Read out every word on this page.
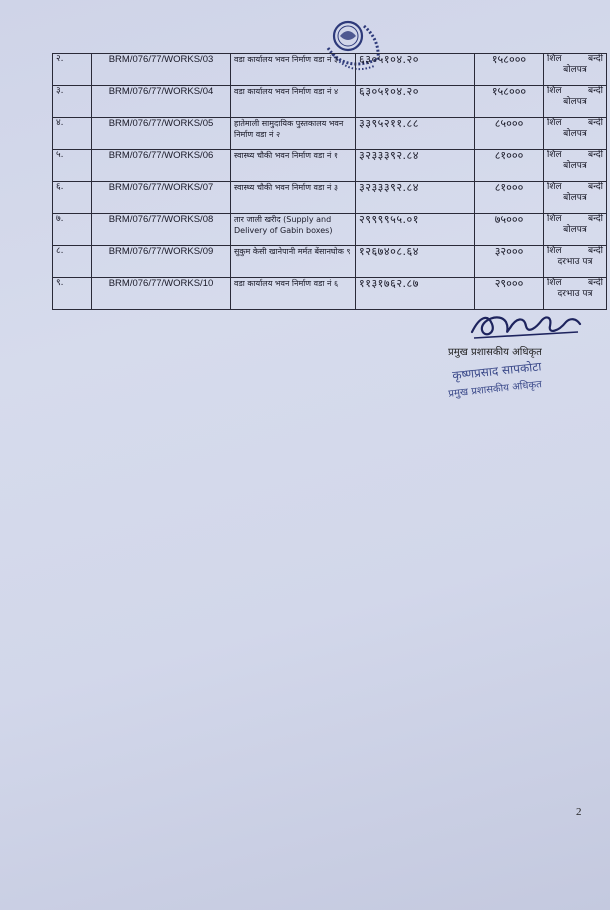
२.	BRM/076/77/WORKS/03	वडा कार्यालय भवन निर्माण वडा नं ३	६३०५१०४.२०	१५८०००	शिल बन्दी
बोलपत्र

३.	BRM/076/77/WORKS/04	वडा कार्यालय भवन निर्माण वडा नं ४	६३०५१०४.२०	१५८०००	शिल बन्दी
बोलपत्र

४.	BRM/076/77/WORKS/05	हातेमाली सामुदायिक पुस्तकालय भवन निर्माण वडा नं २	३३९५२११.८८	८५०००	शिल बन्दी
बोलपत्र

५.	BRM/076/77/WORKS/06	स्वास्थ्य चौकी भवन निर्माण वडा नं १	३२३३३९२.८४	८१०००	शिल बन्दी
बोलपत्र

६.	BRM/076/77/WORKS/07	स्वास्थ्य चौकी भवन निर्माण वडा नं ३	३२३३३९२.८४	८१०००	शिल बन्दी
बोलपत्र

७.	BRM/076/77/WORKS/08	तार जाली खरीद (Supply and Delivery of Gabin boxes)	२९९९९५५.०१	७५०००	शिल बन्दी
बोलपत्र

८.	BRM/076/77/WORKS/09	सुकुम केसी खानेपानी मर्मत बेंसानघोक ९	१२६७४०८.६४	३२०००	शिल बन्दी
दरभाउ पत्र

९.	BRM/076/77/WORKS/10	वडा कार्यालय भवन निर्माण वडा नं ६	११३१७६२.८७	२९०००	शिल बन्दी
दरभाउ पत्र
प्रमुख प्रशासकीय अधिकृत
कृष्णप्रसाद सापकोटा
प्रमुख प्रशासकीय अधिकृत
2
